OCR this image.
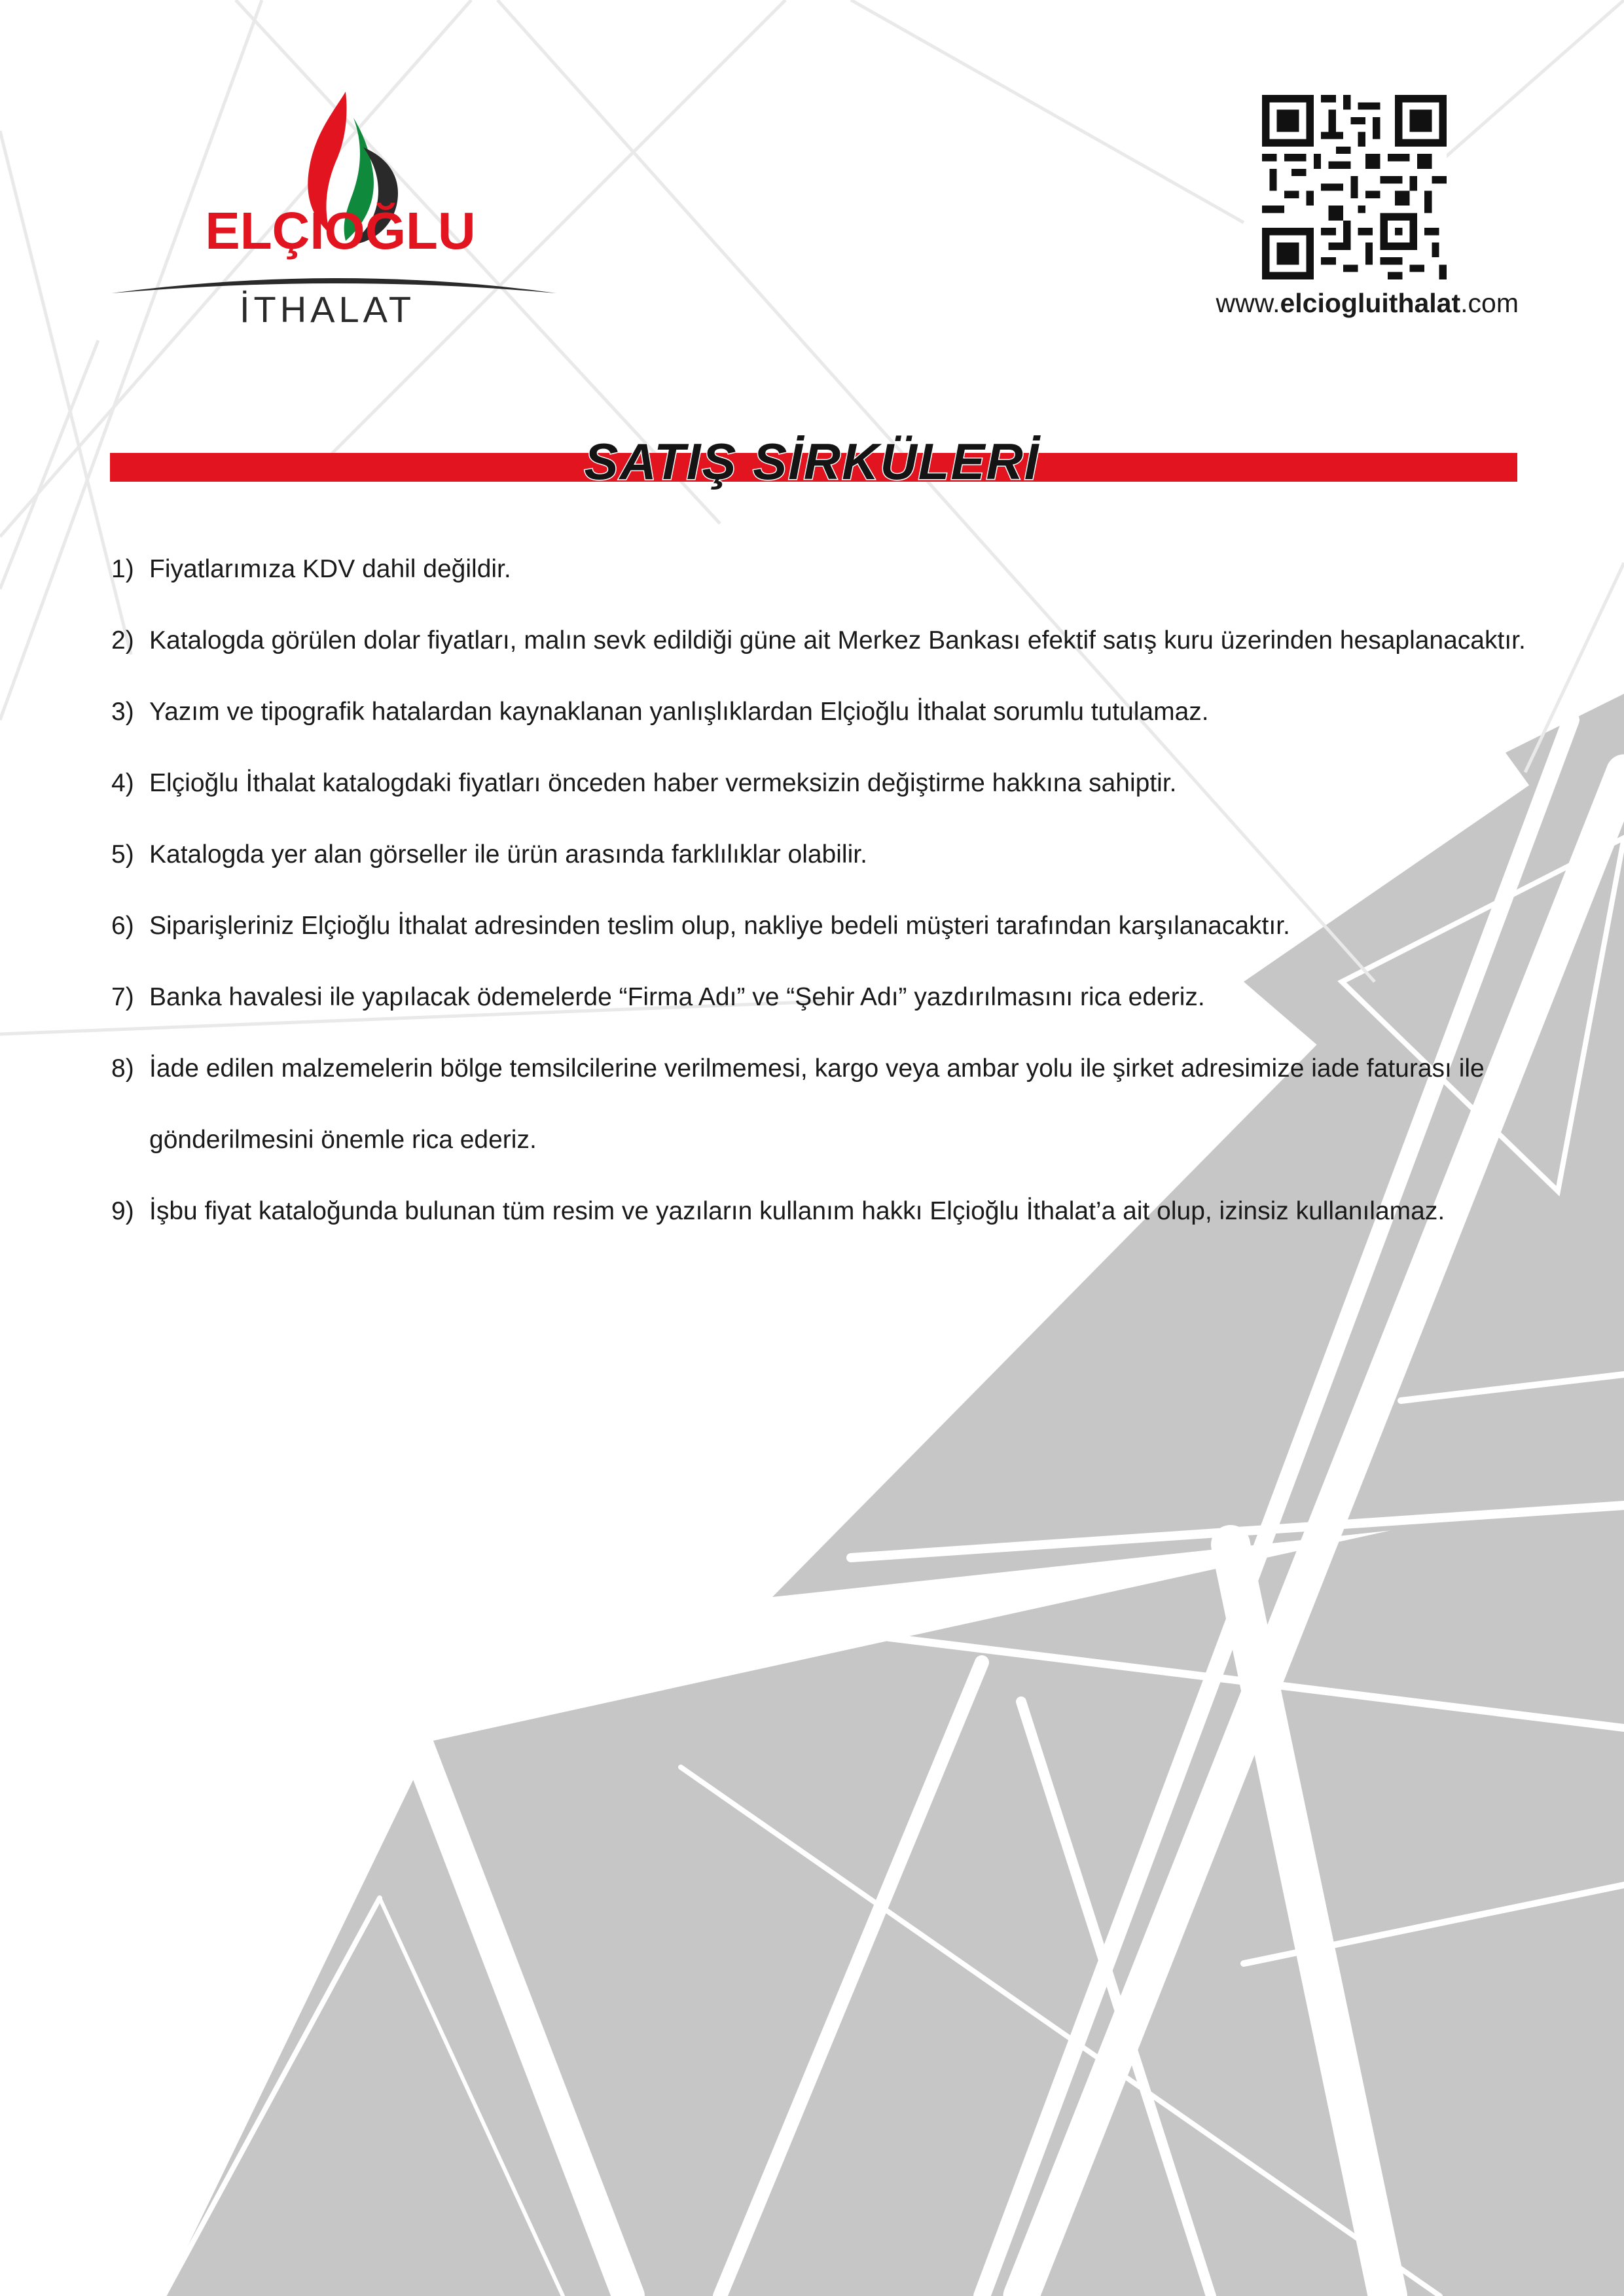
ELÇİOĞLU
İTHALAT	www.elciogluithalat.com
SATIŞ SİRKÜLERİ
1) Fiyatlarımıza KDV dahil değildir.
2) Katalogda görülen dolar fiyatları, malın sevk edildiği güne ait Merkez Bankası efektif satış kuru üzerinden hesaplanacaktır.
3) Yazım ve tipografik hatalardan kaynaklanan yanlışlıklardan Elçioğlu İthalat sorumlu tutulamaz.
4) Elçioğlu İthalat katalogdaki fiyatları önceden haber vermeksizin değiştirme hakkına sahiptir.
5) Katalogda yer alan görseller ile ürün arasında farklılıklar olabilir.
6) Siparişleriniz Elçioğlu İthalat adresinden teslim olup, nakliye bedeli müşteri tarafından karşılanacaktır.
7) Banka havalesi ile yapılacak ödemelerde “Firma Adı” ve “Şehir Adı” yazdırılmasını rica ederiz.
8) İade edilen malzemelerin bölge temsilcilerine verilmemesi, kargo veya ambar yolu ile şirket adresimize iade faturası ile gönderilmesini önemle rica ederiz.
9) İşbu fiyat kataloğunda bulunan tüm resim ve yazıların kullanım hakkı Elçioğlu İthalat’a ait olup, izinsiz kullanılamaz.
